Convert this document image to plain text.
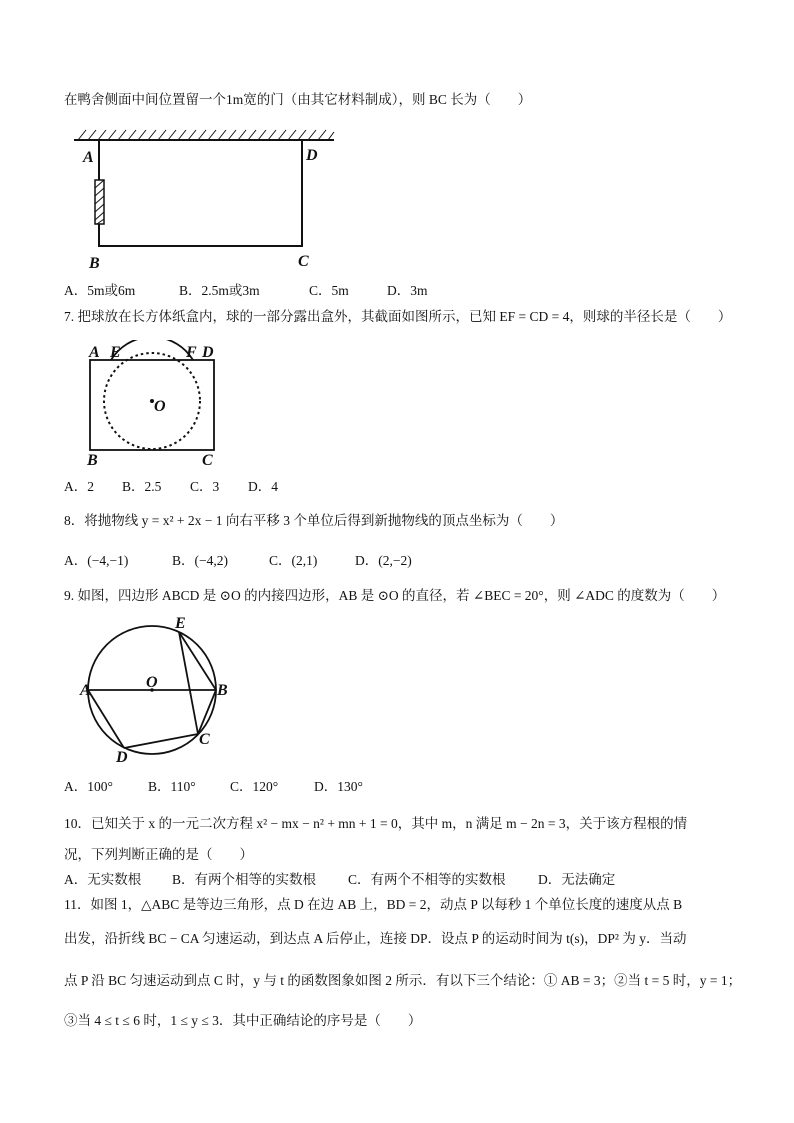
在鸭舍侧面中间位置留一个1m宽的门（由其它材料制成），则 BC 长为（　　）
A	D
B	C
A．5m或6m	B．2.5m或3m	C．5m	D．3m
7. 把球放在长方体纸盒内，球的一部分露出盒外，其截面如图所示，已知 EF = CD = 4，则球的半径长是（　　）
A E	F D
O
B	C
A．2 B．2.5 C．3 D．4
8．将抛物线 y = x² + 2x − 1 向右平移 3 个单位后得到新抛物线的顶点坐标为（　　）
A．(−4,−1)	B．(−4,2)	C．(2,1)	D．(2,−2)
9. 如图，四边形 ABCD 是 ⊙O 的内接四边形，AB 是 ⊙O 的直径，若 ∠BEC = 20°，则 ∠ADC 的度数为（　　）
E
O
A	B
C
D
A．100°	B．110°	C．120°	D．130°
10．已知关于 x 的一元二次方程 x² − mx − n² + mn + 1 = 0，其中 m，n 满足 m − 2n = 3，关于该方程根的情
况，下列判断正确的是（　　）
A．无实数根 B．有两个相等的实数根 C．有两个不相等的实数根 D．无法确定
11．如图 1，△ABC 是等边三角形，点 D 在边 AB 上，BD = 2，动点 P 以每秒 1 个单位长度的速度从点 B
出发，沿折线 BC − CA 匀速运动，到达点 A 后停止，连接 DP．设点 P 的运动时间为 t(s)，DP² 为 y．当动
点 P 沿 BC 匀速运动到点 C 时，y 与 t 的函数图象如图 2 所示．有以下三个结论：① AB = 3；②当 t = 5 时，y = 1；
③当 4 ≤ t ≤ 6 时，1 ≤ y ≤ 3．其中正确结论的序号是（　　）
